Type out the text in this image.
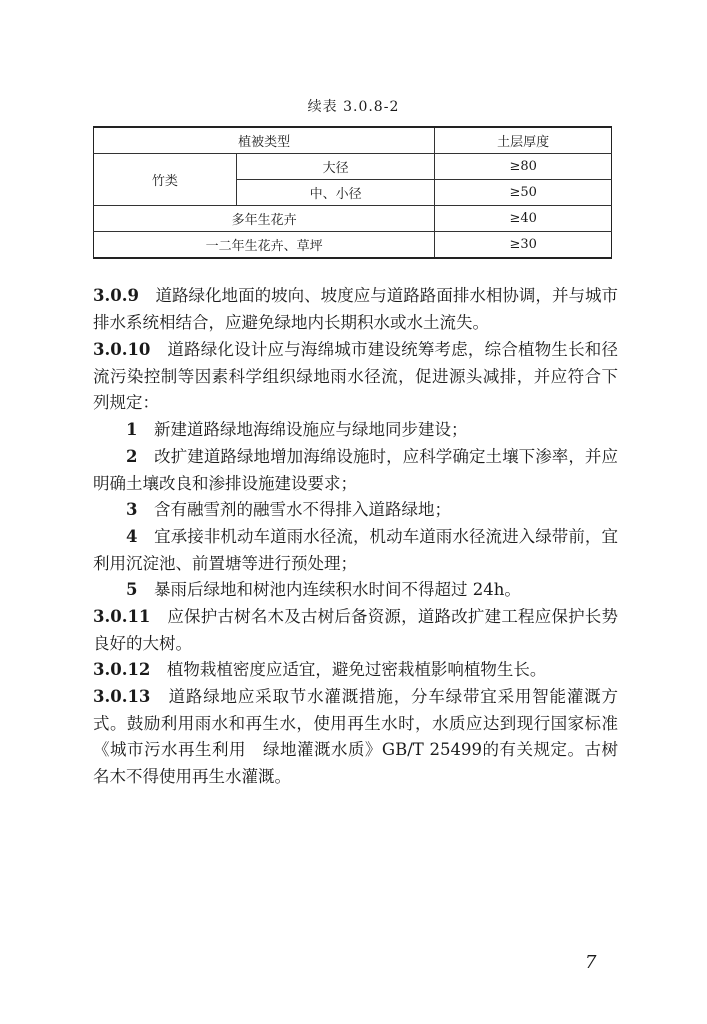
续表 3.0.8-2
植被类型		土层厚度
竹类	大径	≥80
	中、小径	≥50
多年生花卉		≥40
一二年生花卉、草坪		≥30
3.0.9　 道路绿化地面的坡向、坡度应与道路路面排水相协调，并与城市排水系统相结合，应避免绿地内长期积水或水土流失。
3.0.10　 道路绿化设计应与海绵城市建设统筹考虑，综合植物生长和径流污染控制等因素科学组织绿地雨水径流，促进源头减排，并应符合下列规定：
1　 新建道路绿地海绵设施应与绿地同步建设；
2　 改扩建道路绿地增加海绵设施时，应科学确定土壤下渗率，并应明确土壤改良和渗排设施建设要求；
3　 含有融雪剂的融雪水不得排入道路绿地；
4　 宜承接非机动车道雨水径流，机动车道雨水径流进入绿带前，宜利用沉淀池、前置塘等进行预处理；
5　 暴雨后绿地和树池内连续积水时间不得超过 24h。
3.0.11　 应保护古树名木及古树后备资源，道路改扩建工程应保护长势良好的大树。
3.0.12　 植物栽植密度应适宜，避免过密栽植影响植物生长。
3.0.13　 道路绿地应采取节水灌溉措施，分车绿带宜采用智能灌溉方式。鼓励利用雨水和再生水，使用再生水时，水质应达到现行国家标准《城市污水再生利用　绿地灌溉水质》GB/T 25499的有关规定。古树名木不得使用再生水灌溉。
7
